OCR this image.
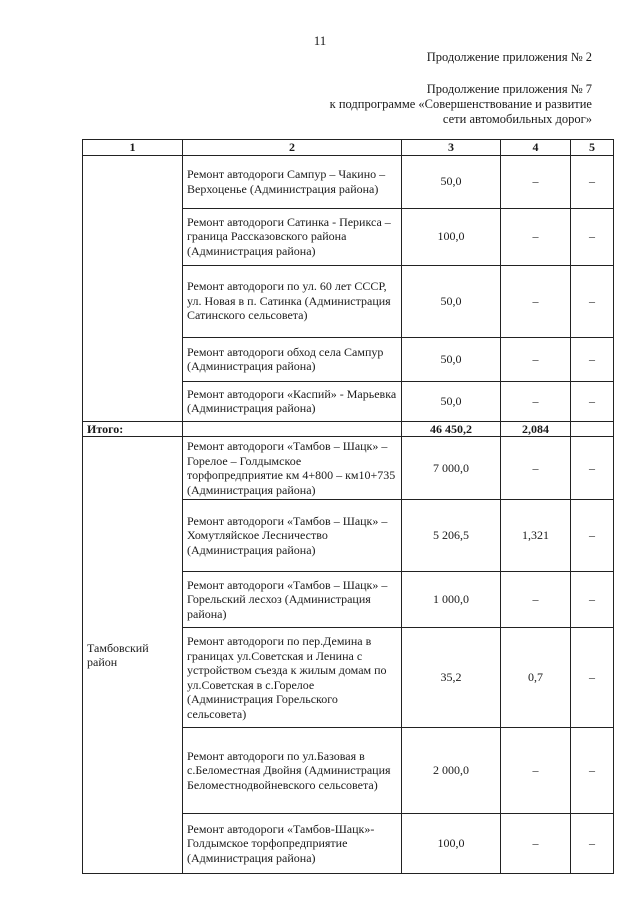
11
Продолжение приложения № 2
Продолжение приложения № 7
к подпрограмме «Совершенствование и развитие
сети автомобильных дорог»
1	2	3	4	5
	Ремонт автодороги Сампур – Чакино – Верхоценье (Администрация района)	50,0	–	–
	Ремонт автодороги Сатинка - Перикса – граница Рассказовского района (Администрация района)	100,0	–	–
	Ремонт автодороги по ул. 60 лет СССР, ул. Новая в п. Сатинка (Администрация Сатинского сельсовета)	50,0	–	–
	Ремонт автодороги обход села Сампур (Администрация района)	50,0	–	–
	Ремонт автодороги «Каспий» - Марьевка (Администрация района)	50,0	–	–
Итого:		46 450,2	2,084	
Тамбовский район	Ремонт автодороги «Тамбов – Шацк» – Горелое – Голдымское торфопредприятие км 4+800 – км10+735 (Администрация района)	7 000,0	–	–
	Ремонт автодороги «Тамбов – Шацк» – Хомутляйское Лесничество (Администрация района)	5 206,5	1,321	–
	Ремонт автодороги «Тамбов – Шацк» – Горельский лесхоз (Администрация района)	1 000,0	–	–
	Ремонт автодороги по пер.Демина в границах ул.Советская и Ленина с устройством съезда к жилым домам по ул.Советская в с.Горелое (Администрация Горельского сельсовета)	35,2	0,7	–
	Ремонт автодороги по ул.Базовая в с.Беломестная Двойня (Администрация Беломестнодвойневского сельсовета)	2 000,0	–	–
	Ремонт автодороги «Тамбов-Шацк»- Голдымское торфопредприятие (Администрация района)	100,0	–	–
